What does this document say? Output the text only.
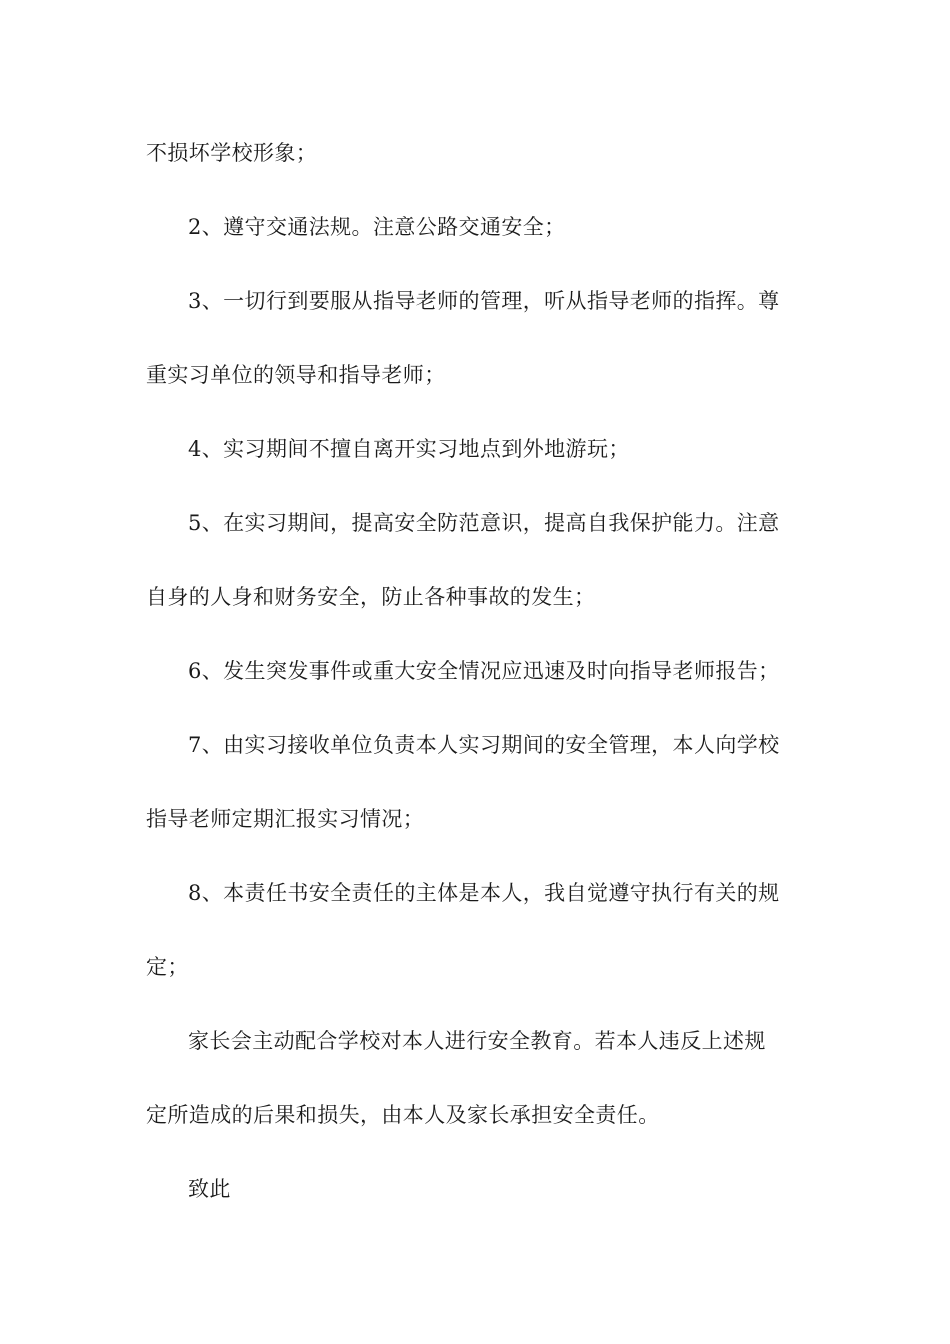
不损坏学校形象；
2、遵守交通法规。注意公路交通安全；
3、一切行到要服从指导老师的管理，听从指导老师的指挥。尊
重实习单位的领导和指导老师；
4、实习期间不擅自离开实习地点到外地游玩；
5、在实习期间，提高安全防范意识，提高自我保护能力。注意
自身的人身和财务安全，防止各种事故的发生；
6、发生突发事件或重大安全情况应迅速及时向指导老师报告；
7、由实习接收单位负责本人实习期间的安全管理，本人向学校
指导老师定期汇报实习情况；
8、本责任书安全责任的主体是本人，我自觉遵守执行有关的规
定；
家长会主动配合学校对本人进行安全教育。若本人违反上述规
定所造成的后果和损失，由本人及家长承担安全责任。
致此
